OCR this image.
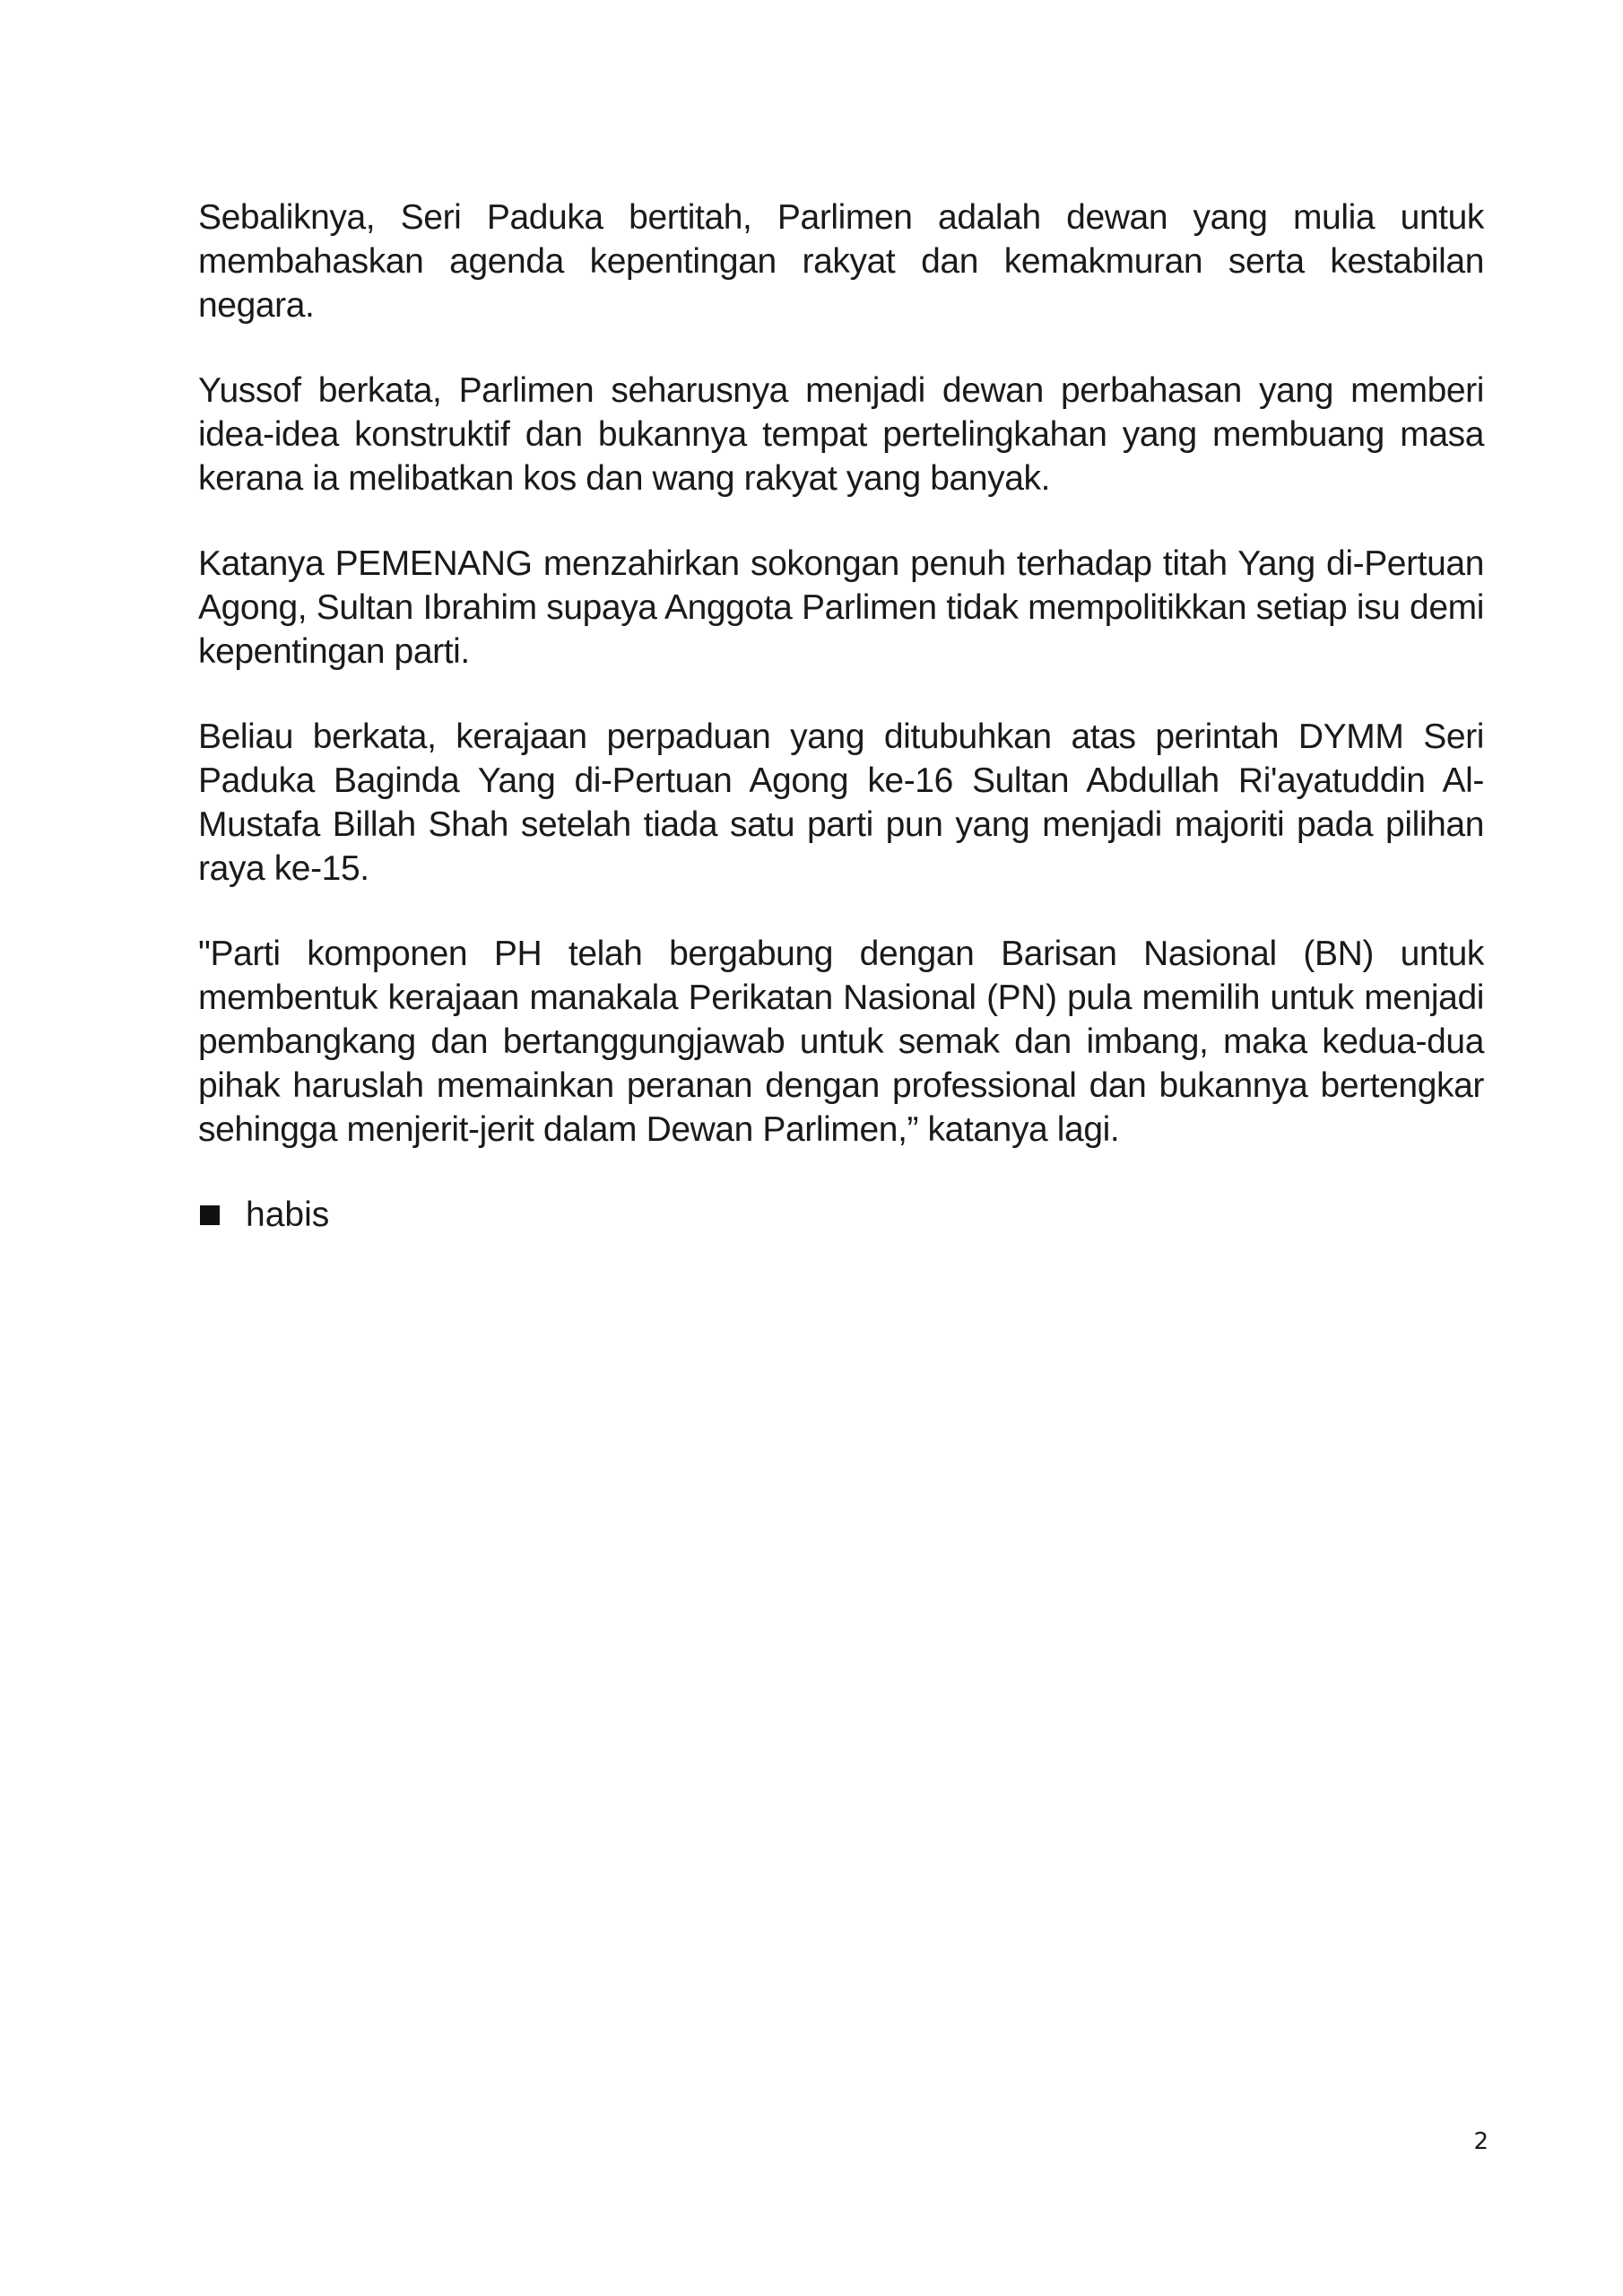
Sebaliknya, Seri Paduka bertitah, Parlimen adalah dewan yang mulia untuk membahaskan agenda kepentingan rakyat dan kemakmuran serta kestabilan negara.

Yussof berkata, Parlimen seharusnya menjadi dewan perbahasan yang memberi idea-idea konstruktif dan bukannya tempat pertelingkahan yang membuang masa kerana ia melibatkan kos dan wang rakyat yang banyak.

Katanya PEMENANG menzahirkan sokongan penuh terhadap titah Yang di-Pertuan Agong, Sultan Ibrahim supaya Anggota Parlimen tidak mempolitikkan setiap isu demi kepentingan parti.

Beliau berkata, kerajaan perpaduan yang ditubuhkan atas perintah DYMM Seri Paduka Baginda Yang di-Pertuan Agong ke-16 Sultan Abdullah Ri'ayatuddin Al-Mustafa Billah Shah setelah tiada satu parti pun yang menjadi majoriti pada pilihan raya ke-15.

"Parti komponen PH telah bergabung dengan Barisan Nasional (BN) untuk membentuk kerajaan manakala Perikatan Nasional (PN) pula memilih untuk menjadi pembangkang dan bertanggungjawab untuk semak dan imbang, maka kedua-dua pihak haruslah memainkan peranan dengan professional dan bukannya bertengkar sehingga menjerit-jerit dalam Dewan Parlimen,” katanya lagi.

habis
2
